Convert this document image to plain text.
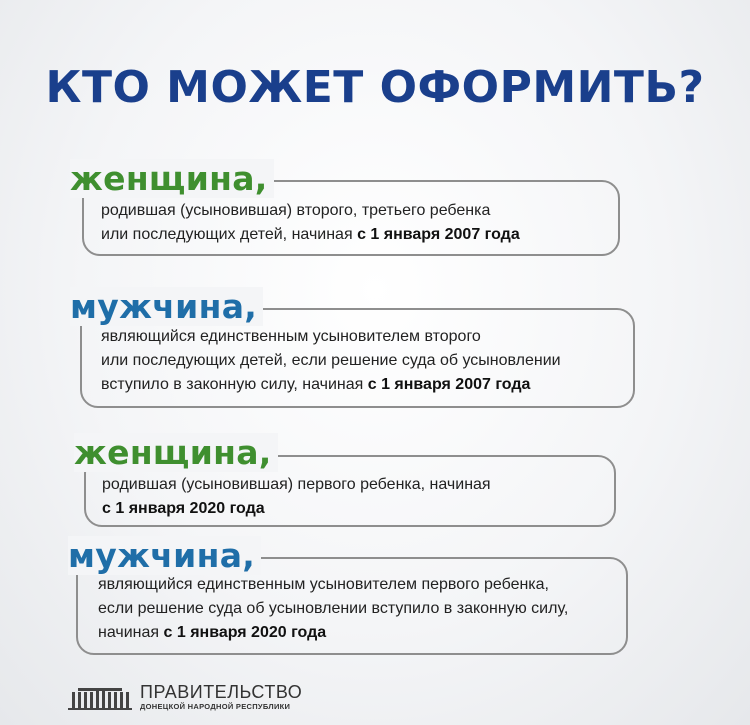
КТО МОЖЕТ ОФОРМИТЬ?
женщина,
родившая (усыновившая) второго, третьего ребенка
или последующих детей, начиная с 1 января 2007 года
мужчина,
являющийся единственным усыновителем второго
или последующих детей, если решение суда об усыновлении
вступило в законную силу, начиная с 1 января 2007 года
женщина,
родившая (усыновившая) первого ребенка, начиная
с 1 января 2020 года
мужчина,
являющийся единственным усыновителем первого ребенка,
если решение суда об усыновлении вступило в законную силу,
начиная с 1 января 2020 года
ПРАВИТЕЛЬСТВО
ДОНЕЦКОЙ НАРОДНОЙ РЕСПУБЛИКИ
